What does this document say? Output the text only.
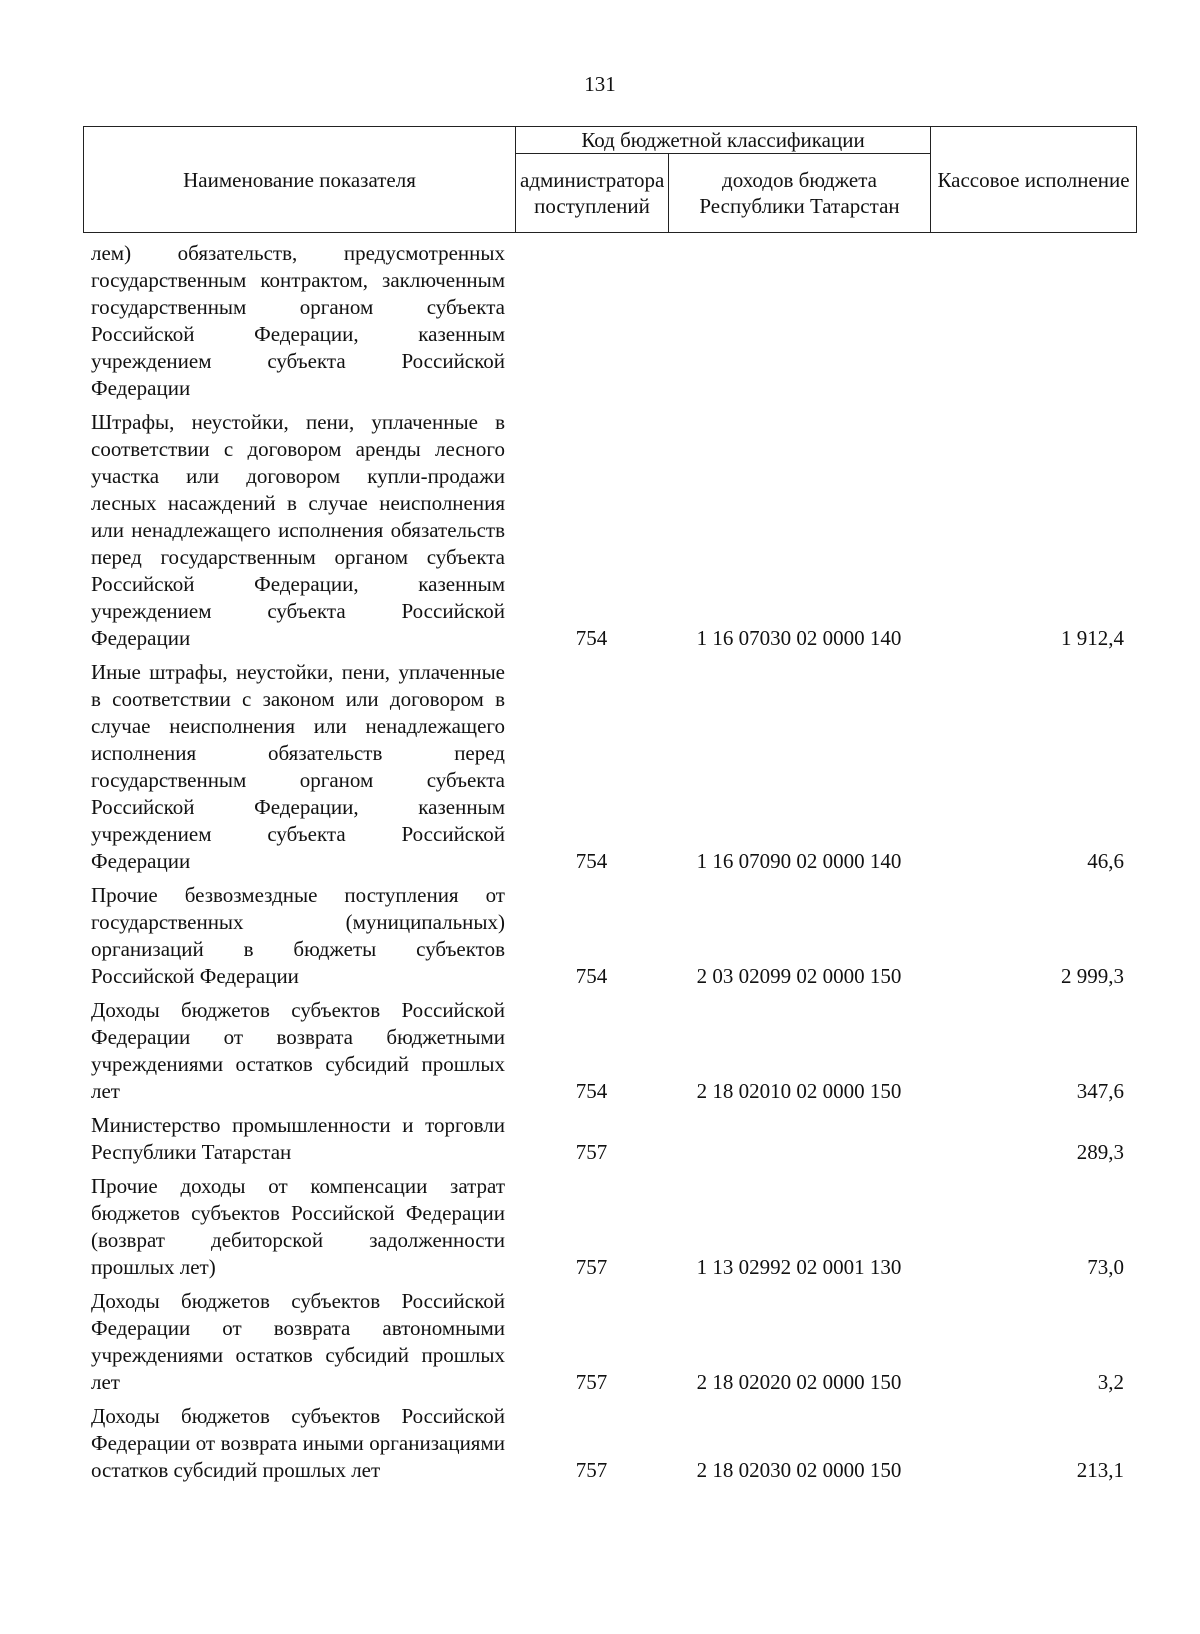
131
Наименование показателя	Код бюджетной классификации		Кассовое исполнение
	администратора поступлений	доходов бюджета Республики Татарстан	
лем) обязательств, предусмотренных государственным контрактом, заключенным государственным органом субъекта Российской Федерации, казенным учреждением субъекта Российской Федерации			
Штрафы, неустойки, пени, уплаченные в соответствии с договором аренды лесного участка или договором купли-продажи лесных насаждений в случае неисполнения или ненадлежащего исполнения обязательств перед государственным органом субъекта Российской Федерации, казенным учреждением субъекта Российской Федерации	754	1 16 07030 02 0000 140	1 912,4
Иные штрафы, неустойки, пени, уплаченные в соответствии с законом или договором в случае неисполнения или ненадлежащего исполнения обязательств перед государственным органом субъекта Российской Федерации, казенным учреждением субъекта Российской Федерации	754	1 16 07090 02 0000 140	46,6
Прочие безвозмездные поступления от государственных (муниципальных) организаций в бюджеты субъектов Российской Федерации	754	2 03 02099 02 0000 150	2 999,3
Доходы бюджетов субъектов Российской Федерации от возврата бюджетными учреждениями остатков субсидий прошлых лет	754	2 18 02010 02 0000 150	347,6
Министерство промышленности и торговли Республики Татарстан	757		289,3
Прочие доходы от компенсации затрат бюджетов субъектов Российской Федерации (возврат дебиторской задолженности прошлых лет)	757	1 13 02992 02 0001 130	73,0
Доходы бюджетов субъектов Российской Федерации от возврата автономными учреждениями остатков субсидий прошлых лет	757	2 18 02020 02 0000 150	3,2
Доходы бюджетов субъектов Российской Федерации от возврата иными организациями остатков субсидий прошлых лет	757	2 18 02030 02 0000 150	213,1
